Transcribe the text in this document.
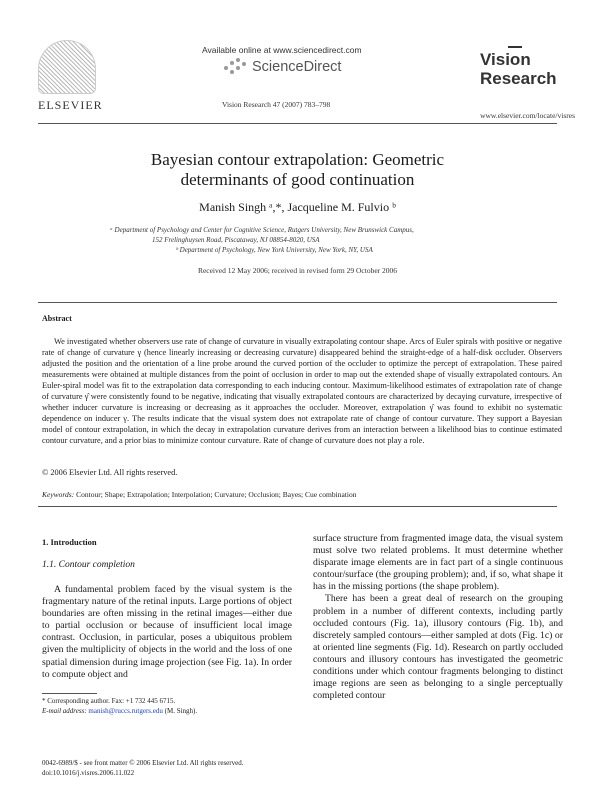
ELSEVIER
Available online at www.sciencedirect.com
ScienceDirect
Vision Research 47 (2007) 783–798
Vision
Research
www.elsevier.com/locate/visres
Bayesian contour extrapolation: Geometric
determinants of good continuation
Manish Singh ᵃ,*, Jacqueline M. Fulvio ᵇ
ᵃ Department of Psychology and Center for Cognitive Science, Rutgers University, New Brunswick Campus,
152 Frelinghuysen Road, Piscataway, NJ 08854-8020, USA
ᵇ Department of Psychology, New York University, New York, NY, USA
Received 12 May 2006; received in revised form 29 October 2006
Abstract

We investigated whether observers use rate of change of curvature in visually extrapolating contour shape. Arcs of Euler spirals with positive or negative rate of change of curvature γ (hence linearly increasing or decreasing curvature) disappeared behind the straight-edge of a half-disk occluder. Observers adjusted the position and the orientation of a line probe around the curved portion of the occluder to optimize the percept of extrapolation. These paired measurements were obtained at multiple distances from the point of occlusion in order to map out the extended shape of visually extrapolated contours. An Euler-spiral model was fit to the extrapolation data corresponding to each inducing contour. Maximum-likelihood estimates of extrapolation rate of change of curvature γ̂ were consistently found to be negative, indicating that visually extrapolated contours are characterized by decaying curvature, irrespective of whether inducer curvature is increasing or decreasing as it approaches the occluder. Moreover, extrapolation γ̂ was found to exhibit no systematic dependence on inducer γ. The results indicate that the visual system does not extrapolate rate of change of contour curvature. They support a Bayesian model of contour extrapolation, in which the decay in extrapolation curvature derives from an interaction between a likelihood bias to continue estimated contour curvature, and a prior bias to minimize contour curvature. Rate of change of curvature does not play a role.

© 2006 Elsevier Ltd. All rights reserved.
Keywords: Contour; Shape; Extrapolation; Interpolation; Curvature; Occlusion; Bayes; Cue combination
1. Introduction
1.1. Contour completion

A fundamental problem faced by the visual system is the fragmentary nature of the retinal inputs. Large portions of object boundaries are often missing in the retinal images—either due to partial occlusion or because of insufficient local image contrast. Occlusion, in particular, poses a ubiquitous problem given the multiplicity of objects in the world and the loss of one spatial dimension during image projection (see Fig. 1a). In order to compute object and

surface structure from fragmented image data, the visual system must solve two related problems. It must determine whether disparate image elements are in fact part of a single continuous contour/surface (the grouping problem); and, if so, what shape it has in the missing portions (the shape problem).

There has been a great deal of research on the grouping problem in a number of different contexts, including partly occluded contours (Fig. 1a), illusory contours (Fig. 1b), and discretely sampled contours—either sampled at dots (Fig. 1c) or at oriented line segments (Fig. 1d). Research on partly occluded contours and illusory contours has investigated the geometric conditions under which contour fragments belonging to distinct image regions are seen as belonging to a single perceptually completed contour

* Corresponding author. Fax: +1 732 445 6715.
E-mail address: manish@ruccs.rutgers.edu (M. Singh).
0042-6989/$ - see front matter © 2006 Elsevier Ltd. All rights reserved.
doi:10.1016/j.visres.2006.11.022
